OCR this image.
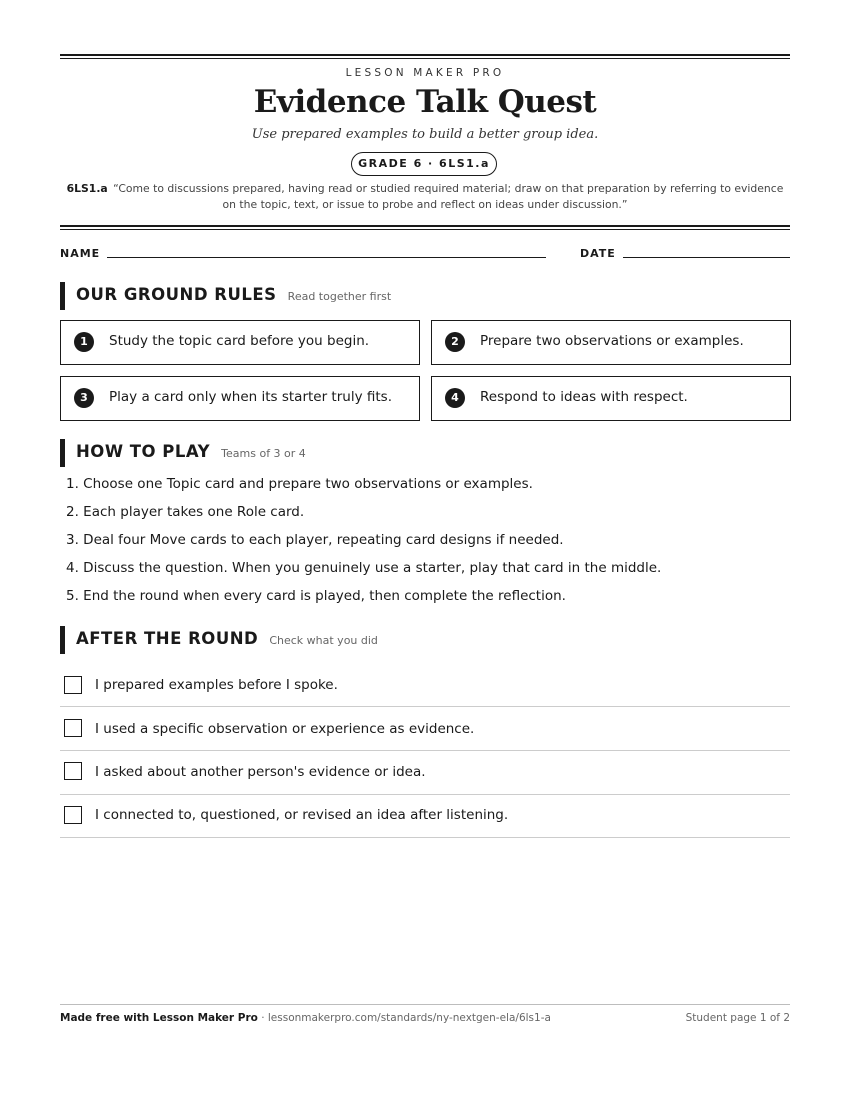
LESSON MAKER PRO
Evidence Talk Quest
Use prepared examples to build a better group idea.
GRADE 6 · 6LS1.a
6LS1.a “Come to discussions prepared, having read or studied required material; draw on that preparation by referring to evidence on the topic, text, or issue to probe and reflect on ideas under discussion.”
NAME	DATE
OUR GROUND RULES Read together first
1	Study the topic card before you begin.	2	Prepare two observations or examples.
3	Play a card only when its starter truly fits.	4	Respond to ideas with respect.
HOW TO PLAY Teams of 3 or 4
1. Choose one Topic card and prepare two observations or examples.
2. Each player takes one Role card.
3. Deal four Move cards to each player, repeating card designs if needed.
4. Discuss the question. When you genuinely use a starter, play that card in the middle.
5. End the round when every card is played, then complete the reflection.
AFTER THE ROUND Check what you did
I prepared examples before I spoke.
I used a specific observation or experience as evidence.
I asked about another person's evidence or idea.
I connected to, questioned, or revised an idea after listening.
Made free with Lesson Maker Pro · lessonmakerpro.com/standards/ny-nextgen-ela/6ls1-a	Student page 1 of 2
